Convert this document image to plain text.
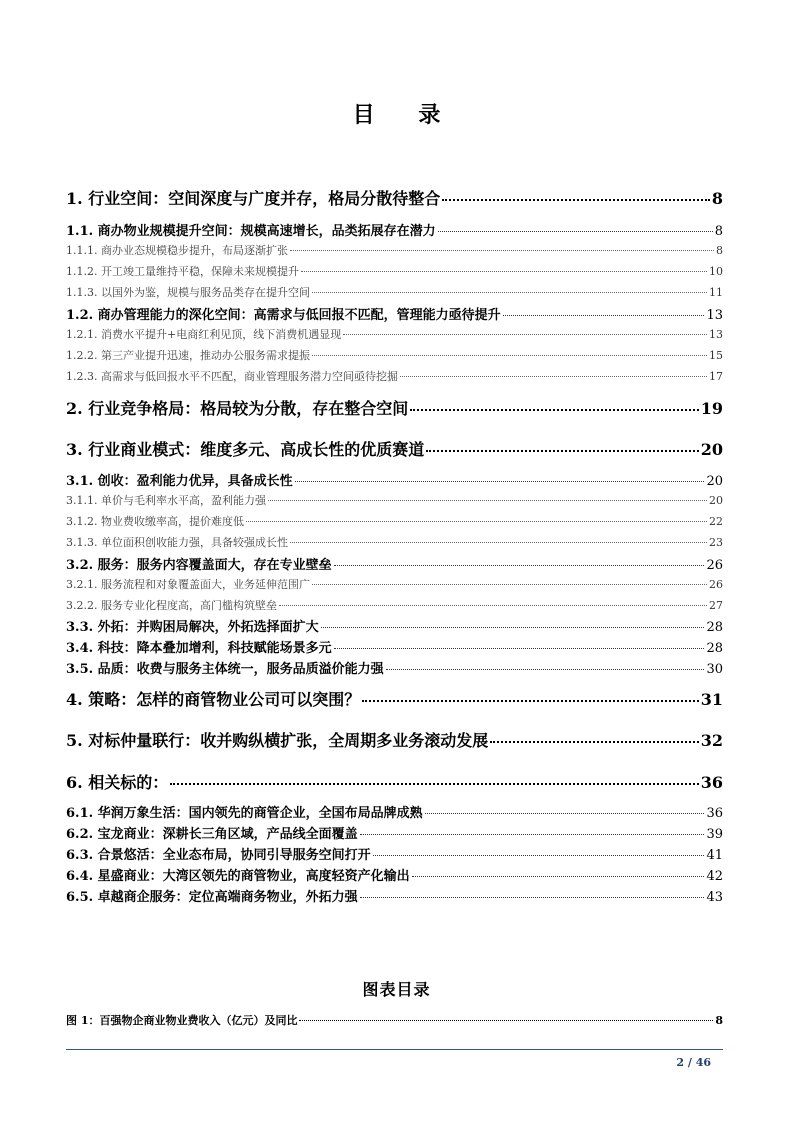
目 录
1. 行业空间：空间深度与广度并存，格局分散待整合	8
1.1. 商办物业规模提升空间：规模高速增长，品类拓展存在潜力	8
1.1.1. 商办业态规模稳步提升，布局逐渐扩张	8
1.1.2. 开工竣工量维持平稳，保障未来规模提升	10
1.1.3. 以国外为鉴，规模与服务品类存在提升空间	11
1.2. 商办管理能力的深化空间：高需求与低回报不匹配，管理能力亟待提升	13
1.2.1. 消费水平提升+电商红利见顶，线下消费机遇显现	13
1.2.2. 第三产业提升迅速，推动办公服务需求提振	15
1.2.3. 高需求与低回报水平不匹配，商业管理服务潜力空间亟待挖掘	17
2. 行业竞争格局：格局较为分散，存在整合空间	19
3. 行业商业模式：维度多元、高成长性的优质赛道	20
3.1. 创收：盈利能力优异，具备成长性	20
3.1.1. 单价与毛利率水平高，盈利能力强	20
3.1.2. 物业费收缴率高，提价难度低	22
3.1.3. 单位面积创收能力强，具备较强成长性	23
3.2. 服务：服务内容覆盖面大，存在专业壁垒	26
3.2.1. 服务流程和对象覆盖面大，业务延伸范围广	26
3.2.2. 服务专业化程度高，高门槛构筑壁垒	27
3.3. 外拓：并购困局解决，外拓选择面扩大	28
3.4. 科技：降本叠加增利，科技赋能场景多元	28
3.5. 品质：收费与服务主体统一，服务品质溢价能力强	30
4. 策略：怎样的商管物业公司可以突围？	31
5. 对标仲量联行：收并购纵横扩张，全周期多业务滚动发展	32
6. 相关标的：	36
6.1. 华润万象生活：国内领先的商管企业，全国布局品牌成熟	36
6.2. 宝龙商业：深耕长三角区域，产品线全面覆盖	39
6.3. 合景悠活：全业态布局，协同引导服务空间打开	41
6.4. 星盛商业：大湾区领先的商管物业，高度轻资产化输出	42
6.5. 卓越商企服务：定位高端商务物业，外拓力强	43
图表目录
图 1：百强物企商业物业费收入（亿元）及同比	8
2 / 46
